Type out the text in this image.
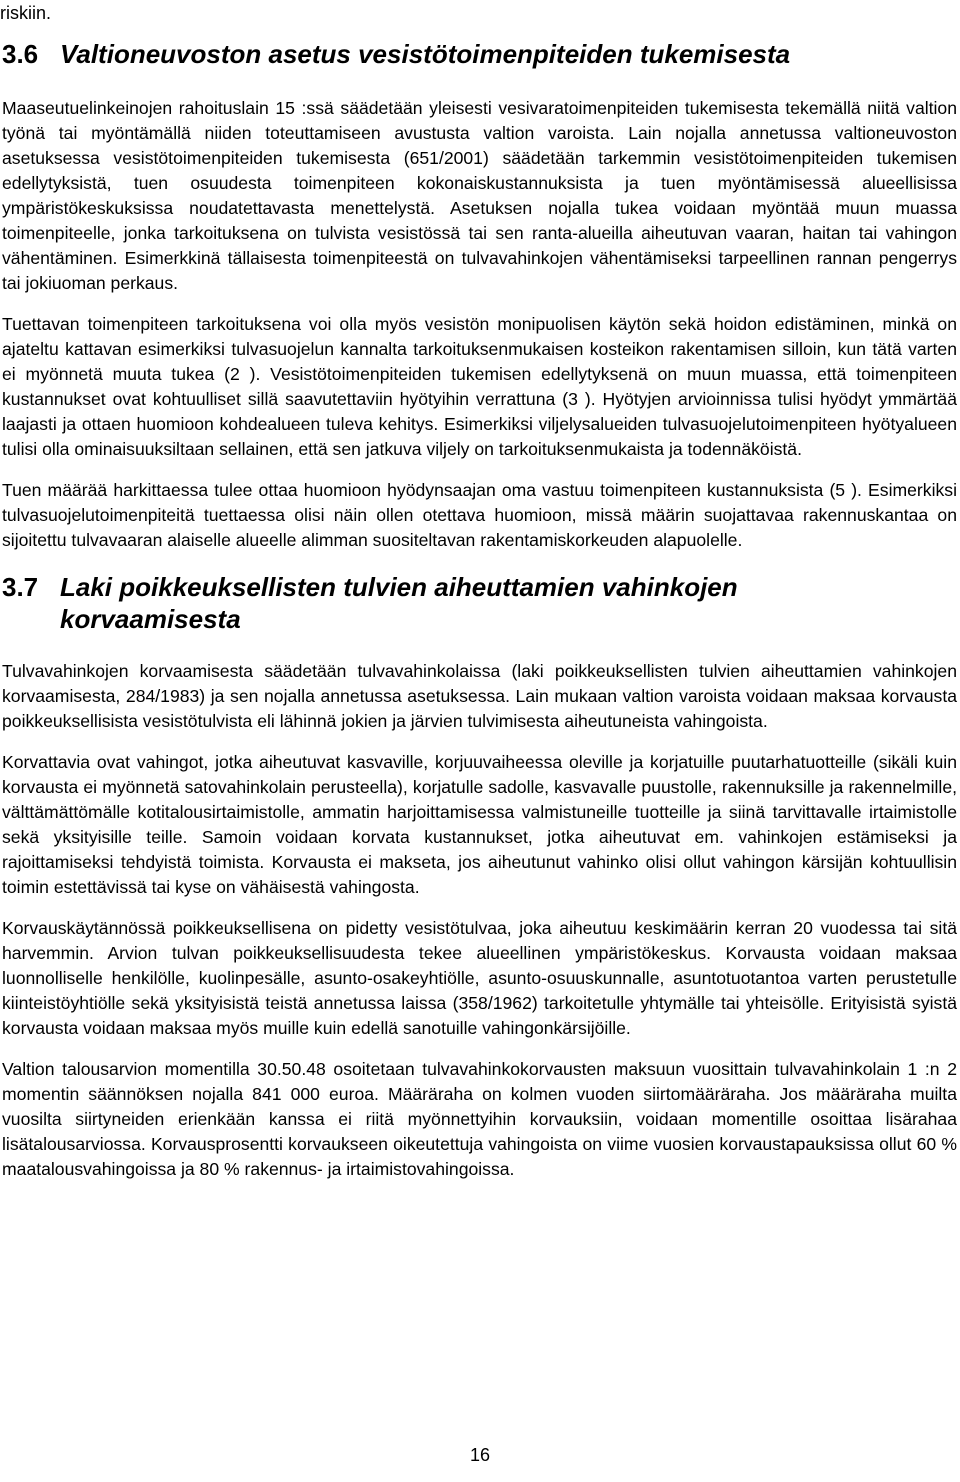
riskiin.

3.6 Valtioneuvoston asetus vesistötoimenpiteiden tukemisesta

Maaseutuelinkeinojen rahoituslain 15 :ssä säädetään yleisesti vesivaratoimenpiteiden tukemisesta tekemällä niitä valtion työnä tai myöntämällä niiden toteuttamiseen avustusta valtion varoista. Lain nojalla annetussa valtioneuvoston asetuksessa vesistötoimenpiteiden tukemisesta (651/2001) säädetään tarkemmin vesistötoimenpiteiden tukemisen edellytyksistä, tuen osuudesta toimenpiteen kokonaiskustannuksista ja tuen myöntämisessä alueellisissa ympäristökeskuksissa noudatettavasta menettelystä. Asetuksen nojalla tukea voidaan myöntää muun muassa toimenpiteelle, jonka tarkoituksena on tulvista vesistössä tai sen ranta-alueilla aiheutuvan vaaran, haitan tai vahingon vähentäminen. Esimerkkinä tällaisesta toimenpiteestä on tulvavahinkojen vähentämiseksi tarpeellinen rannan pengerrys tai jokiuoman perkaus.

Tuettavan toimenpiteen tarkoituksena voi olla myös vesistön monipuolisen käytön sekä hoidon edistäminen, minkä on ajateltu kattavan esimerkiksi tulvasuojelun kannalta tarkoituksenmukaisen kosteikon rakentamisen silloin, kun tätä varten ei myönnetä muuta tukea (2 ). Vesistötoimenpiteiden tukemisen edellytyksenä on muun muassa, että toimenpiteen kustannukset ovat kohtuulliset sillä saavutettaviin hyötyihin verrattuna (3 ). Hyötyjen arvioinnissa tulisi hyödyt ymmärtää laajasti ja ottaen huomioon kohdealueen tuleva kehitys. Esimerkiksi viljelysalueiden tulvasuojelutoimenpiteen hyötyalueen tulisi olla ominaisuuksiltaan sellainen, että sen jatkuva viljely on tarkoituksenmukaista ja todennäköistä.

Tuen määrää harkittaessa tulee ottaa huomioon hyödynsaajan oma vastuu toimenpiteen kustannuksista (5 ). Esimerkiksi tulvasuojelutoimenpiteitä tuettaessa olisi näin ollen otettava huomioon, missä määrin suojattavaa rakennuskantaa on sijoitettu tulvavaaran alaiselle alueelle alimman suositeltavan rakentamiskorkeuden alapuolelle.

3.7 Laki poikkeuksellisten tulvien aiheuttamien vahinkojen korvaamisesta

Tulvavahinkojen korvaamisesta säädetään tulvavahinkolaissa (laki poikkeuksellisten tulvien aiheuttamien vahinkojen korvaamisesta, 284/1983) ja sen nojalla annetussa asetuksessa. Lain mukaan valtion varoista voidaan maksaa korvausta poikkeuksellisista vesistötulvista eli lähinnä jokien ja järvien tulvimisesta aiheutuneista vahingoista.

Korvattavia ovat vahingot, jotka aiheutuvat kasvaville, korjuuvaiheessa oleville ja korjatuille puutarhatuotteille (sikäli kuin korvausta ei myönnetä satovahinkolain perusteella), korjatulle sadolle, kasvavalle puustolle, rakennuksille ja rakennelmille, välttämättömälle kotitalousirtaimistolle, ammatin harjoittamisessa valmistuneille tuotteille ja siinä tarvittavalle irtaimistolle sekä yksityisille teille. Samoin voidaan korvata kustannukset, jotka aiheutuvat em. vahinkojen estämiseksi ja rajoittamiseksi tehdyistä toimista. Korvausta ei makseta, jos aiheutunut vahinko olisi ollut vahingon kärsijän kohtuullisin toimin estettävissä tai kyse on vähäisestä vahingosta.

Korvauskäytännössä poikkeuksellisena on pidetty vesistötulvaa, joka aiheutuu keskimäärin kerran 20 vuodessa tai sitä harvemmin. Arvion tulvan poikkeuksellisuudesta tekee alueellinen ympäristökeskus. Korvausta voidaan maksaa luonnolliselle henkilölle, kuolinpesälle, asunto-osakeyhtiölle, asunto-osuuskunnalle, asuntotuotantoa varten perustetulle kiinteistöyhtiölle sekä yksityisistä teistä annetussa laissa (358/1962) tarkoitetulle yhtymälle tai yhteisölle. Erityisistä syistä korvausta voidaan maksaa myös muille kuin edellä sanotuille vahingonkärsijöille.

Valtion talousarvion momentilla 30.50.48 osoitetaan tulvavahinkokorvausten maksuun vuosittain tulvavahinkolain 1 :n 2 momentin säännöksen nojalla 841 000 euroa. Määräraha on kolmen vuoden siirtomääräraha. Jos määräraha muilta vuosilta siirtyneiden erienkään kanssa ei riitä myönnettyihin korvauksiin, voidaan momentille osoittaa lisärahaa lisätalousarviossa. Korvausprosentti korvaukseen oikeutettuja vahingoista on viime vuosien korvaustapauksissa ollut 60 % maatalousvahingoissa ja 80 % rakennus- ja irtaimistovahingoissa.

16
